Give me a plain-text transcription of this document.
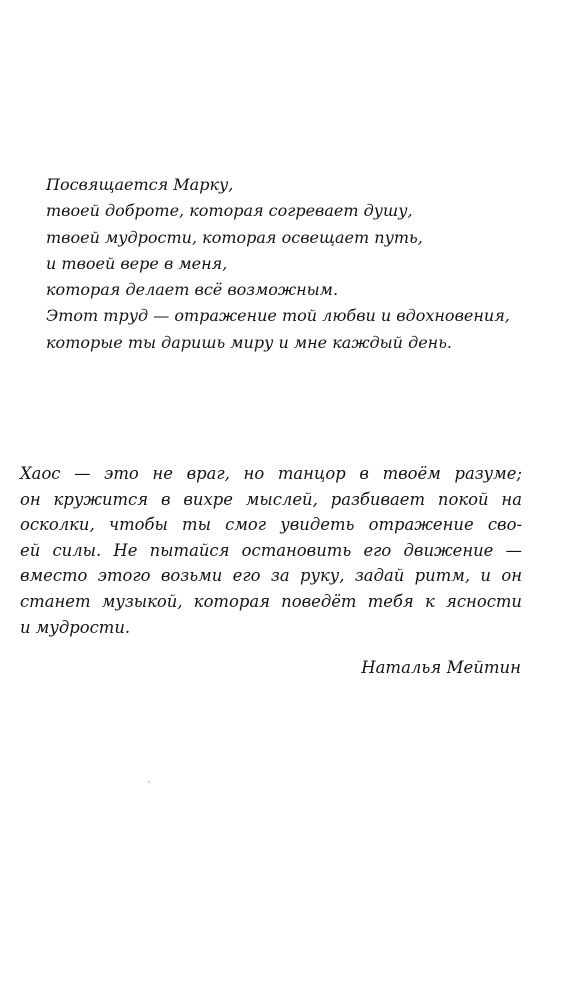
Посвящается Марку,
твоей доброте, которая согревает душу,
твоей мудрости, которая освещает путь,
и твоей вере в меня,
которая делает всё возможным.
Этот труд — отражение той любви и вдохновения,
которые ты даришь миру и мне каждый день.
Хаос — это не враг, но танцор в твоём разуме;
он кружится в вихре мыслей, разбивает покой на
осколки, чтобы ты смог увидеть отражение сво-
ей силы. Не пытайся остановить его движение —
вместо этого возьми его за руку, задай ритм, и он
станет музыкой, которая поведёт тебя к ясности
и мудрости.
Наталья Мейтин
